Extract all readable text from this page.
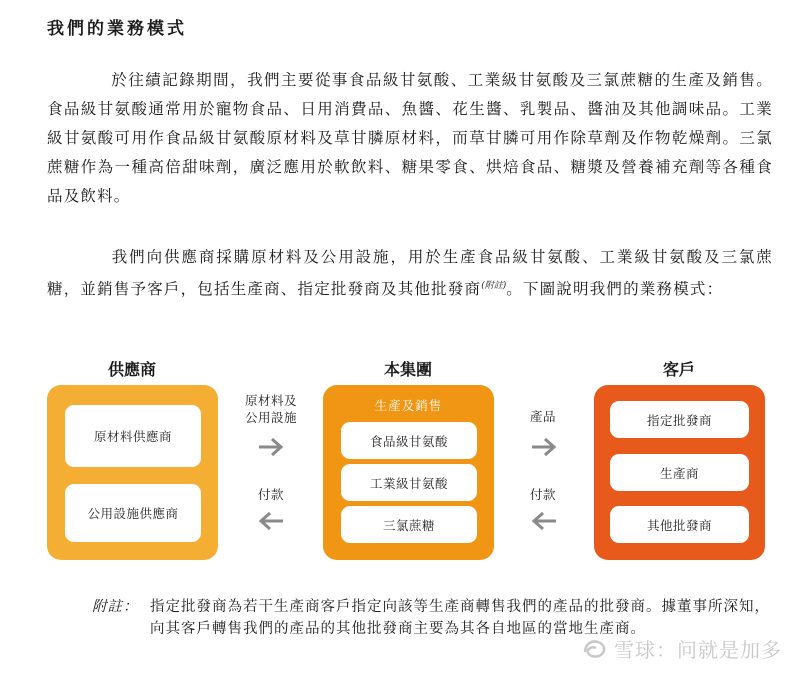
我們的業務模式

於往績記錄期間，我們主要從事食品級甘氨酸、工業級甘氨酸及三氯蔗糖的生產及銷售。食品級甘氨酸通常用於寵物食品、日用消費品、魚醬、花生醬、乳製品、醬油及其他調味品。工業級甘氨酸可用作食品級甘氨酸原材料及草甘膦原材料，而草甘膦可用作除草劑及作物乾燥劑。三氯蔗糖作為一種高倍甜味劑，廣泛應用於軟飲料、糖果零食、烘焙食品、糖漿及營養補充劑等各種食品及飲料。

我們向供應商採購原材料及公用設施，用於生產食品級甘氨酸、工業級甘氨酸及三氯蔗糖，並銷售予客戶，包括生產商、指定批發商及其他批發商$^{(附註)}$。下圖說明我們的業務模式：

供應商	本集團	客戶
原材料供應商
公用設施供應商
生產及銷售
食品級甘氨酸
工業級甘氨酸
三氯蔗糖
指定批發商
生產商
其他批發商
原材料及
公用設施
付款
產品
付款
附註： 指定批發商為若干生產商客戶指定向該等生產商轉售我們的產品的批發商。據董事所深知，向其客戶轉售我們的產品的其他批發商主要為其各自地區的當地生產商。
雪球：问就是加多
